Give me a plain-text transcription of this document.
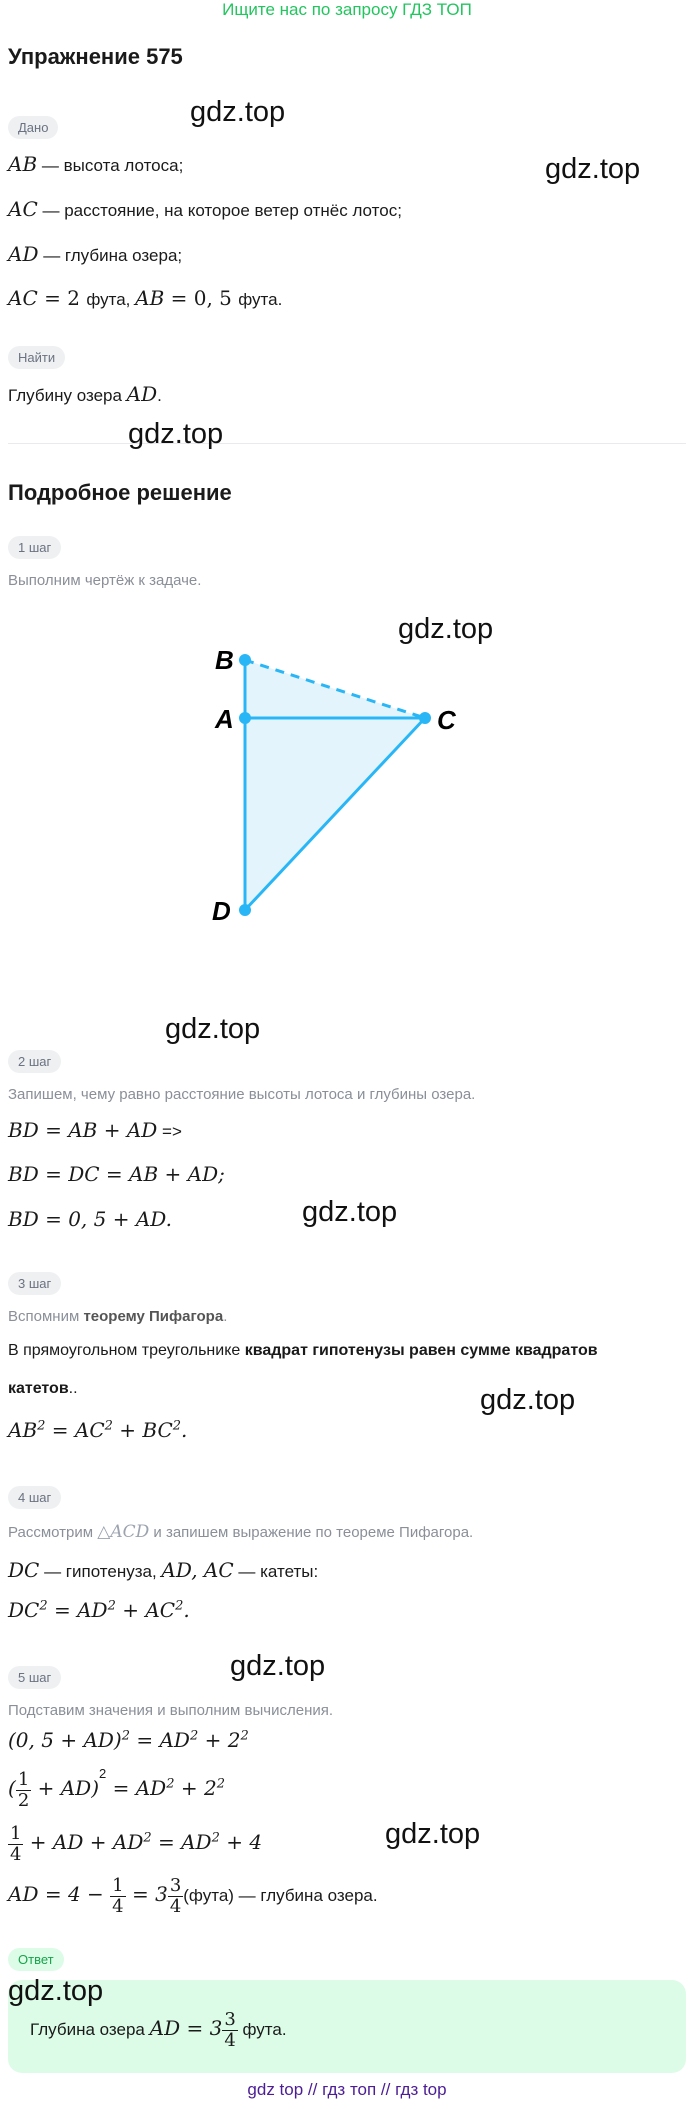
Ищите нас по запросу ГДЗ ТОП
Упражнение 575
Дано
AB — высота лотоса;
AC — расстояние, на которое ветер отнёс лотос;
AD — глубина озера;
AC = 2 фута, AB = 0, 5 фута.
Найти
Глубину озера AD.
Подробное решение
1 шаг
Выполним чертёж к задаче.
B
A	C
D
2 шаг
Запишем, чему равно расстояние высоты лотоса и глубины озера.
BD = AB + AD =>
BD = DC = AB + AD;
BD = 0, 5 + AD.
3 шаг
Вспомним теорему Пифагора.
В прямоугольном треугольнике квадрат гипотенузы равен сумме квадратов
катетов..
$AB^2 = AC^2 + BC^2$.
4 шаг
Рассмотрим △ACD и запишем выражение по теореме Пифагора.
DC — гипотенуза, AD, AC — катеты:
$DC^2 = AD^2 + AC^2$.
5 шаг
Подставим значения и выполним вычисления.
(0, $5 + AD)^2 = AD^2 + 2^2$
( $\frac{1}{2} + AD)^2 = AD^2 + 2^2$
$\frac{1}{4}$ + AD + $AD^2 = AD^2 + 4$
AD = $4 - \frac{1}{4} = 3 \frac{3}{4}$ (фута) — глубина озера.
Ответ
Глубина озера AD = $3 \frac{3}{4}$ фута.
gdz top // гдз топ // гдз top
gdz.top
gdz.top
gdz.top
gdz.top
gdz.top
gdz.top
gdz.top
gdz.top
gdz.top
gdz.top
